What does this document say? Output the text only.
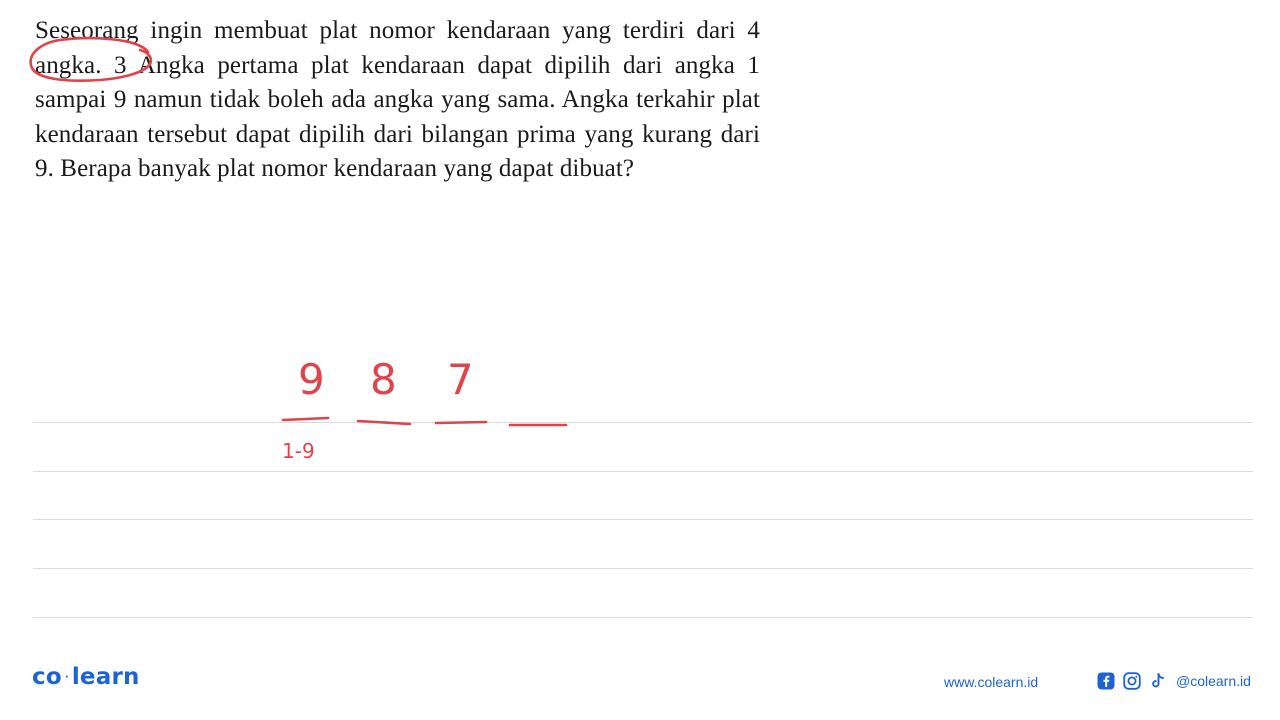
Seseorang ingin membuat plat nomor kendaraan yang terdiri dari 4 angka. 3 Angka pertama plat kendaraan dapat dipilih dari angka 1 sampai 9 namun tidak boleh ada angka yang sama. Angka terkahir plat kendaraan tersebut dapat dipilih dari bilangan prima yang kurang dari 9. Berapa banyak plat nomor kendaraan yang dapat dibuat?
9 8 7
1-9
co · learn	www.colearn.id	@colearn.id
